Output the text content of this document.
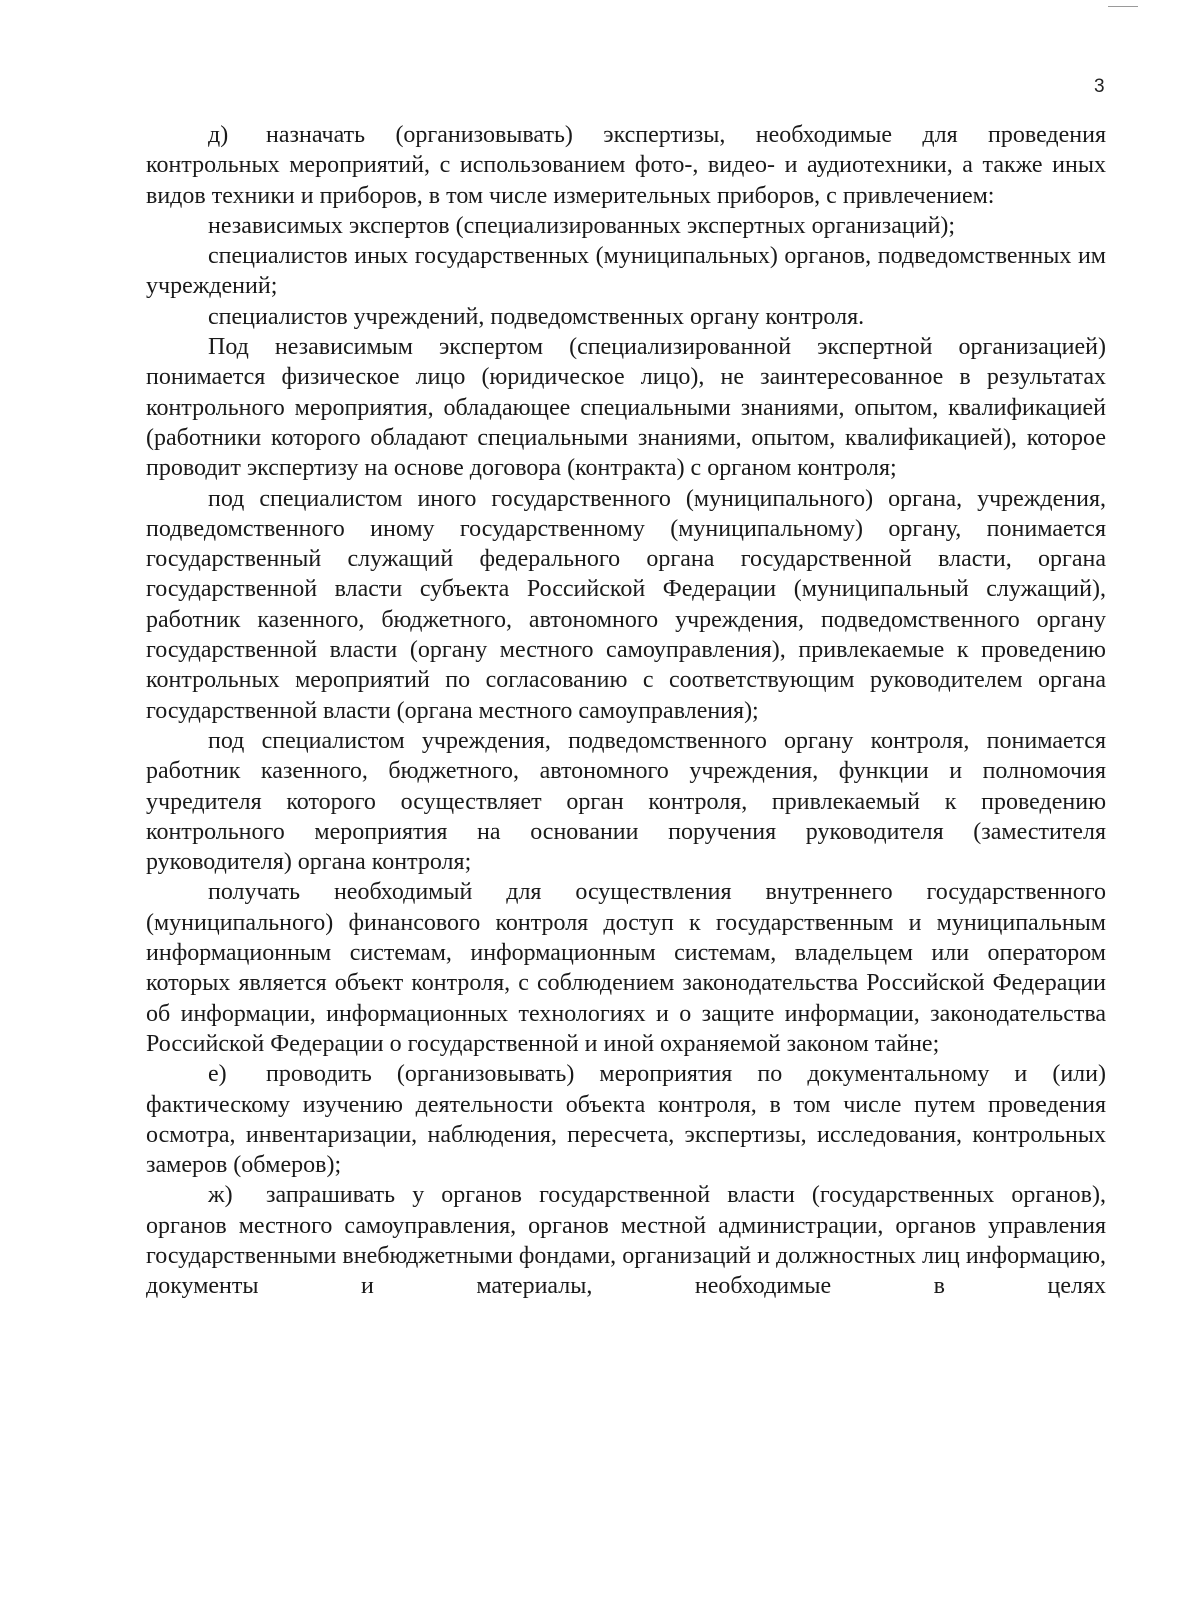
3

д) назначать (организовывать) экспертизы, необходимые для проведения контрольных мероприятий, с использованием фото-, видео- и аудиотехники, а также иных видов техники и приборов, в том числе измерительных приборов, с привлечением:

независимых экспертов (специализированных экспертных организаций);

специалистов иных государственных (муниципальных) органов, подведомственных им учреждений;

специалистов учреждений, подведомственных органу контроля.

Под независимым экспертом (специализированной экспертной организацией) понимается физическое лицо (юридическое лицо), не заинтересованное в результатах контрольного мероприятия, обладающее специальными знаниями, опытом, квалификацией (работники которого обладают специальными знаниями, опытом, квалификацией), которое проводит экспертизу на основе договора (контракта) с органом контроля;

под специалистом иного государственного (муниципального) органа, учреждения, подведомственного иному государственному (муниципальному) органу, понимается государственный служащий федерального органа государственной власти, органа государственной власти субъекта Российской Федерации (муниципальный служащий), работник казенного, бюджетного, автономного учреждения, подведомственного органу государственной власти (органу местного самоуправления), привлекаемые к проведению контрольных мероприятий по согласованию с соответствующим руководителем органа государственной власти (органа местного самоуправления);

под специалистом учреждения, подведомственного органу контроля, понимается работник казенного, бюджетного, автономного учреждения, функции и полномочия учредителя которого осуществляет орган контроля, привлекаемый к проведению контрольного мероприятия на основании поручения руководителя (заместителя руководителя) органа контроля;

получать необходимый для осуществления внутреннего государственного (муниципального) финансового контроля доступ к государственным и муниципальным информационным системам, информационным системам, владельцем или оператором которых является объект контроля, с соблюдением законодательства Российской Федерации об информации, информационных технологиях и о защите информации, законодательства Российской Федерации о государственной и иной охраняемой законом тайне;

е) проводить (организовывать) мероприятия по документальному и (или) фактическому изучению деятельности объекта контроля, в том числе путем проведения осмотра, инвентаризации, наблюдения, пересчета, экспертизы, исследования, контрольных замеров (обмеров);

ж) запрашивать у органов государственной власти (государственных органов), органов местного самоуправления, органов местной администрации, органов управления государственными внебюджетными фондами, организаций и должностных лиц информацию, документы и материалы, необходимые в целях
